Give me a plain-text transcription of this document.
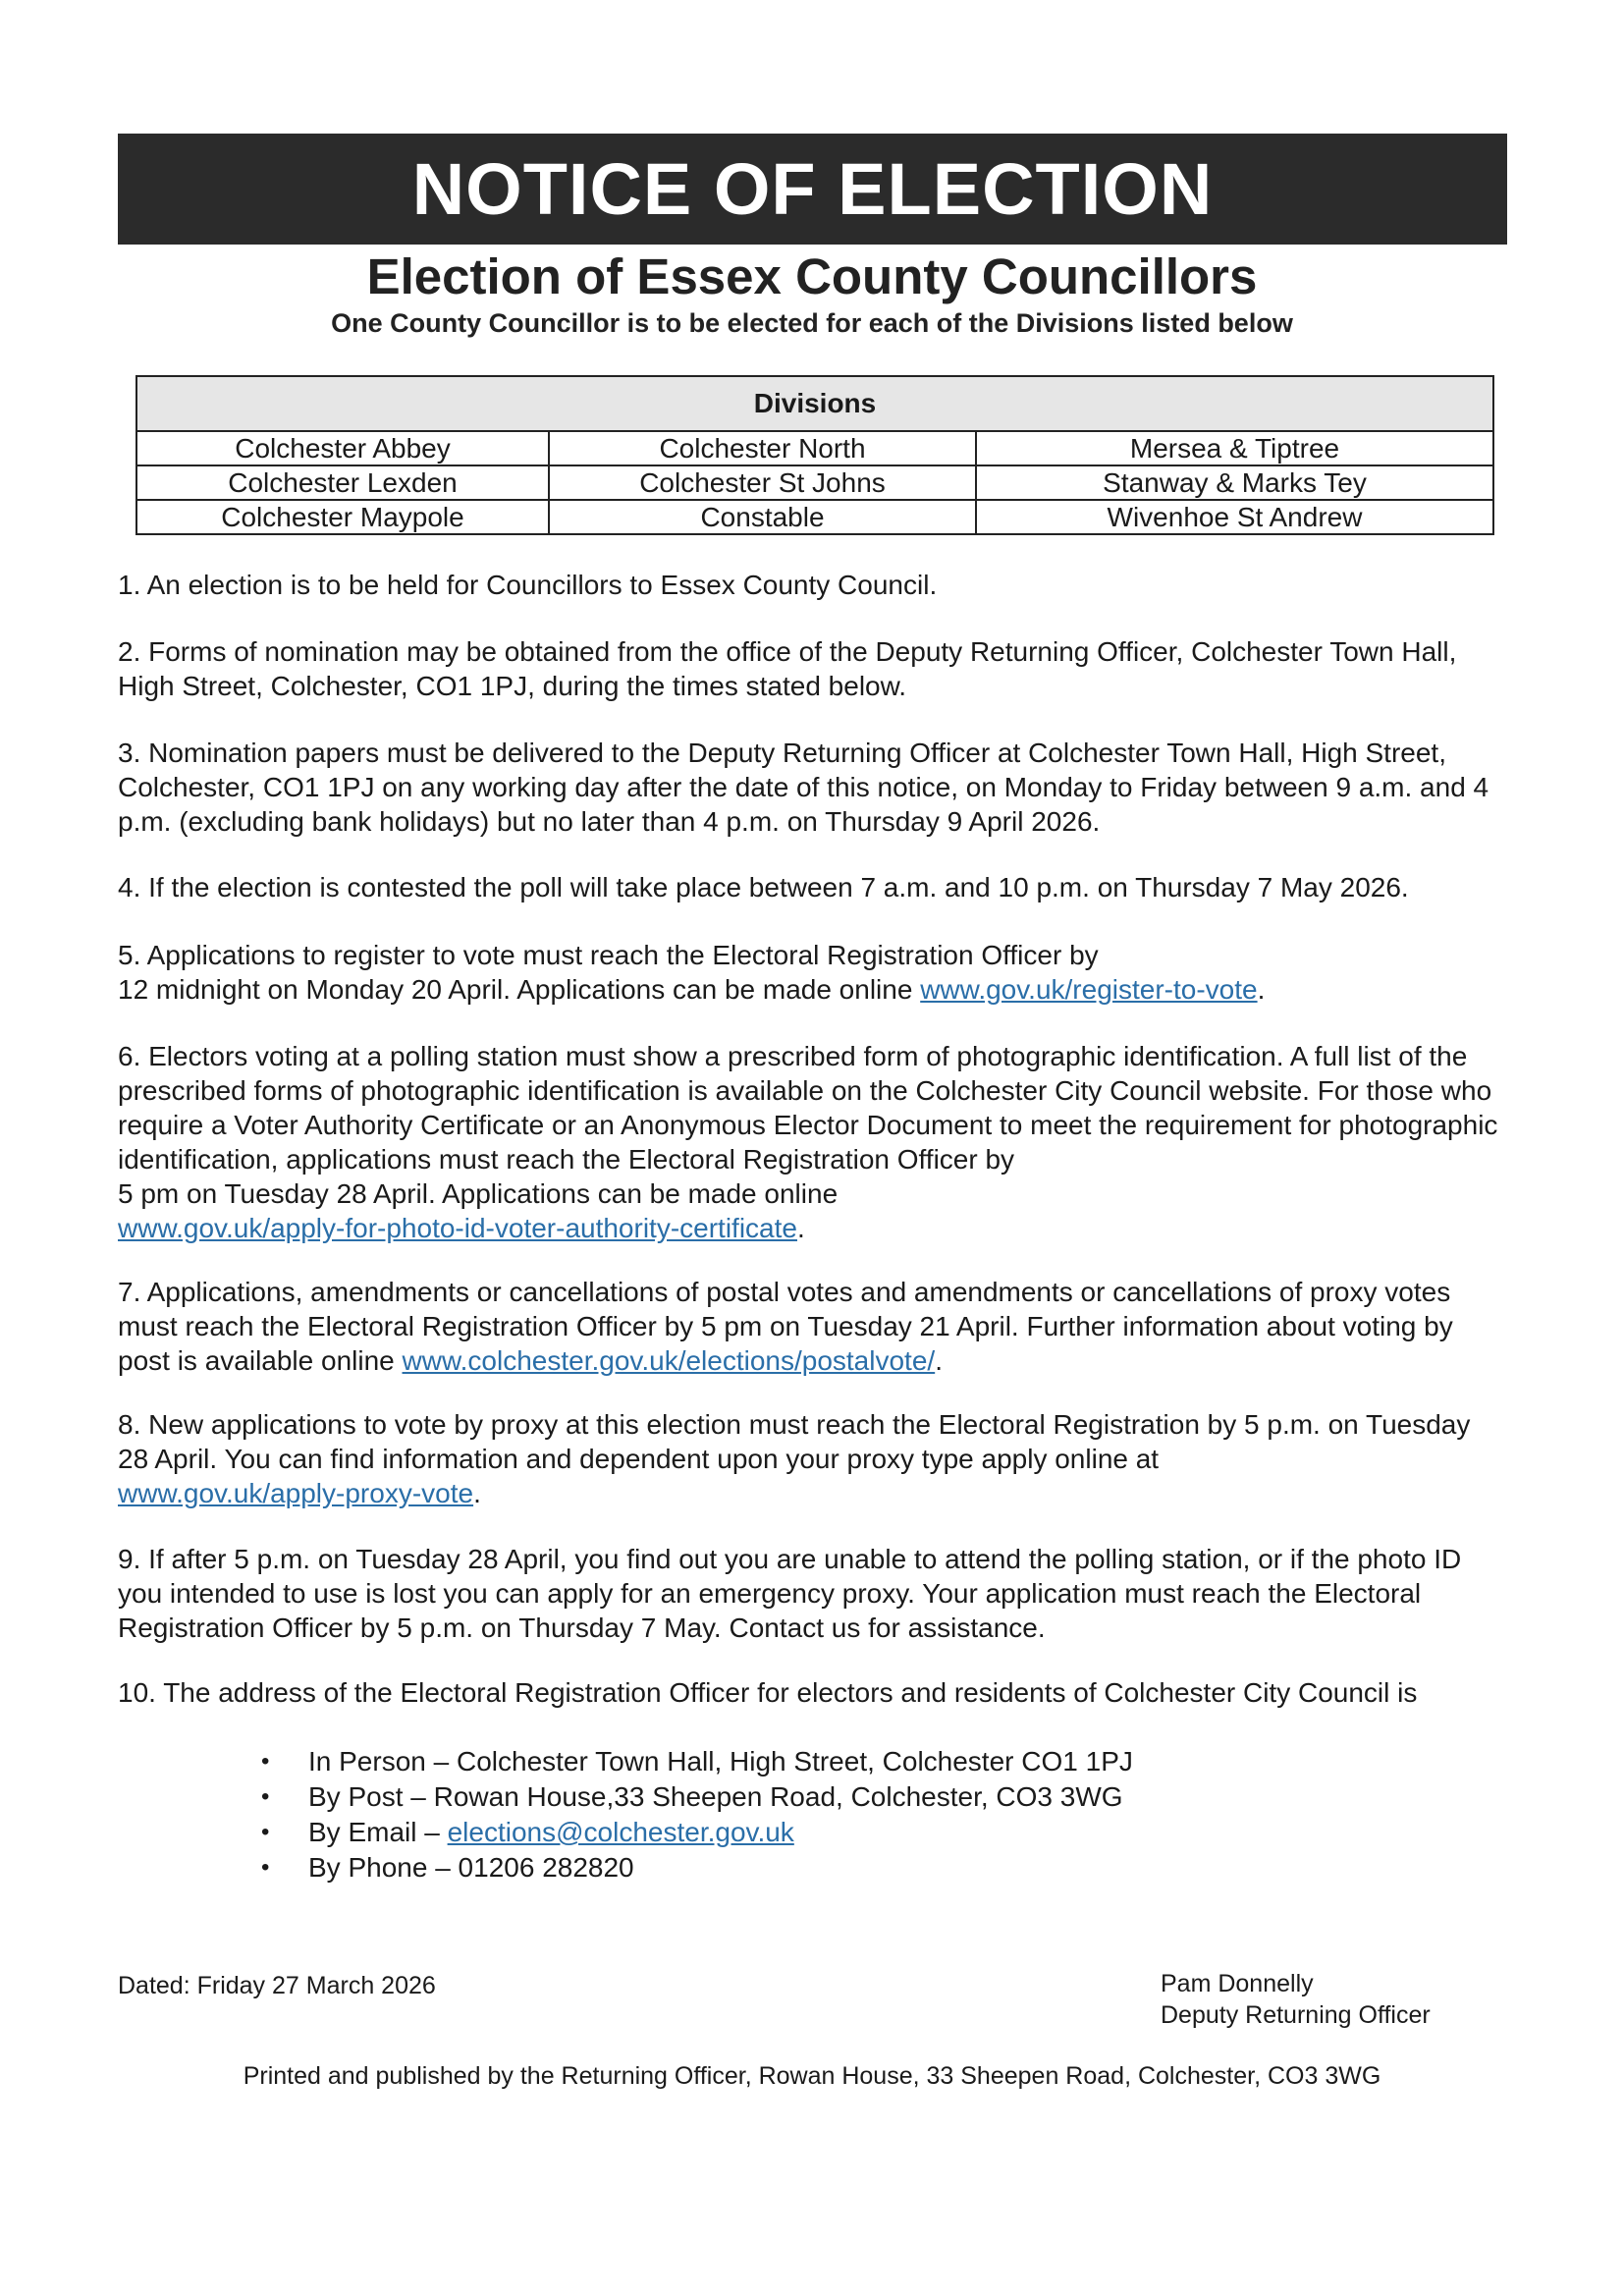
NOTICE OF ELECTION
Election of Essex County Councillors
One County Councillor is to be elected for each of the Divisions listed below
Divisions		
Colchester Abbey	Colchester North	Mersea & Tiptree
Colchester Lexden	Colchester St Johns	Stanway & Marks Tey
Colchester Maypole	Constable	Wivenhoe St Andrew

1. An election is to be held for Councillors to Essex County Council.

2. Forms of nomination may be obtained from the office of the Deputy Returning Officer, Colchester Town Hall, High Street, Colchester, CO1 1PJ, during the times stated below.

3. Nomination papers must be delivered to the Deputy Returning Officer at Colchester Town Hall, High Street, Colchester, CO1 1PJ on any working day after the date of this notice, on Monday to Friday between 9 a.m. and 4 p.m. (excluding bank holidays) but no later than 4 p.m. on Thursday 9 April 2026.

4. If the election is contested the poll will take place between 7 a.m. and 10 p.m. on Thursday 7 May 2026.

5. Applications to register to vote must reach the Electoral Registration Officer by
12 midnight on Monday 20 April. Applications can be made online www.gov.uk/register-to-vote.

6. Electors voting at a polling station must show a prescribed form of photographic identification. A full list of the prescribed forms of photographic identification is available on the Colchester City Council website. For those who require a Voter Authority Certificate or an Anonymous Elector Document to meet the requirement for photographic identification, applications must reach the Electoral Registration Officer by
5 pm on Tuesday 28 April. Applications can be made online
www.gov.uk/apply-for-photo-id-voter-authority-certificate.

7. Applications, amendments or cancellations of postal votes and amendments or cancellations of proxy votes must reach the Electoral Registration Officer by 5 pm on Tuesday 21 April. Further information about voting by post is available online www.colchester.gov.uk/elections/postalvote/.

8. New applications to vote by proxy at this election must reach the Electoral Registration by 5 p.m. on Tuesday 28 April. You can find information and dependent upon your proxy type apply online at
www.gov.uk/apply-proxy-vote.

9. If after 5 p.m. on Tuesday 28 April, you find out you are unable to attend the polling station, or if the photo ID you intended to use is lost you can apply for an emergency proxy. Your application must reach the Electoral Registration Officer by 5 p.m. on Thursday 7 May. Contact us for assistance.

10. The address of the Electoral Registration Officer for electors and residents of Colchester City Council is

• In Person – Colchester Town Hall, High Street, Colchester CO1 1PJ
• By Post – Rowan House,33 Sheepen Road, Colchester, CO3 3WG
• By Email – elections@colchester.gov.uk
• By Phone – 01206 282820
Dated: Friday 27 March 2026	Pam Donnelly
Deputy Returning Officer
Printed and published by the Returning Officer, Rowan House, 33 Sheepen Road, Colchester, CO3 3WG
